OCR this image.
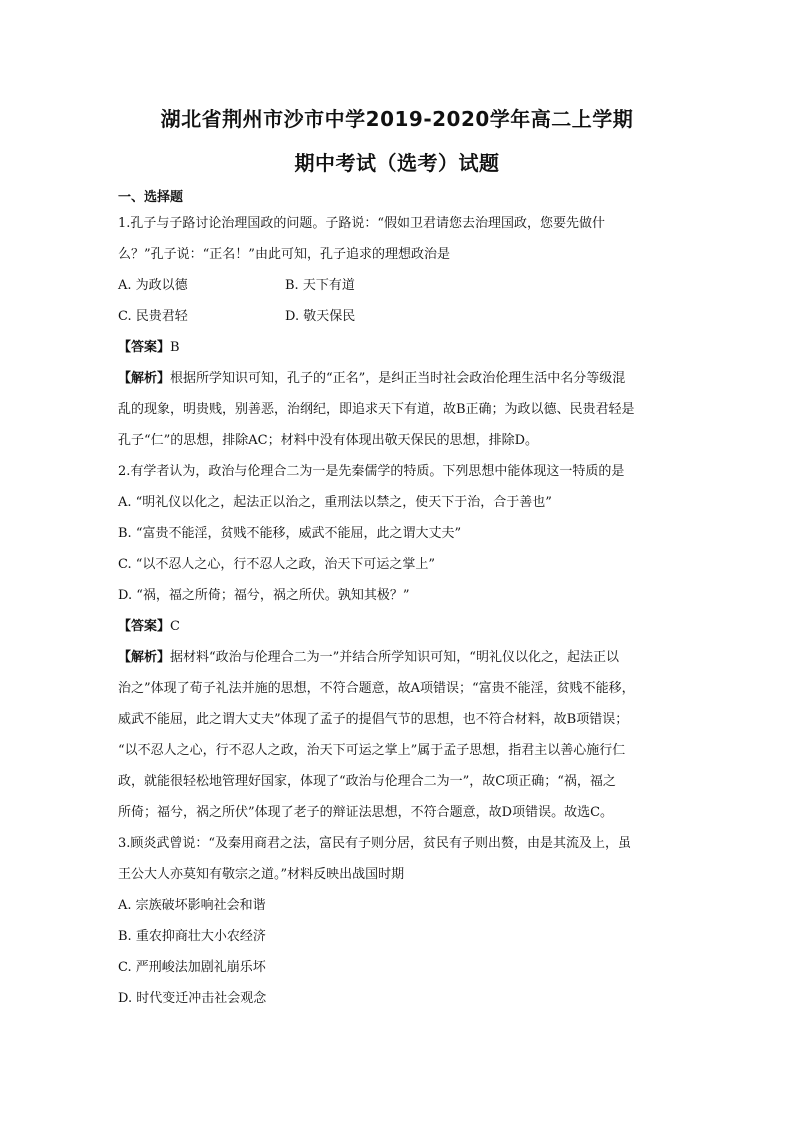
湖北省荆州市沙市中学2019-2020学年高二上学期
期中考试（选考）试题
一、选择题
1.孔子与子路讨论治理国政的问题。子路说：“假如卫君请您去治理国政，您要先做什
么？”孔子说：“正名！”由此可知，孔子追求的理想政治是
A. 为政以德	B. 天下有道
C. 民贵君轻	D. 敬天保民
【答案】B
【解析】根据所学知识可知，孔子的“正名”，是纠正当时社会政治伦理生活中名分等级混
乱的现象，明贵贱，别善恶，治纲纪，即追求天下有道，故B正确；为政以德、民贵君轻是
孔子“仁”的思想，排除AC；材料中没有体现出敬天保民的思想，排除D。
2.有学者认为，政治与伦理合二为一是先秦儒学的特质。下列思想中能体现这一特质的是
A. “明礼仪以化之，起法正以治之，重刑法以禁之，使天下于治，合于善也”
B. “富贵不能淫，贫贱不能移，威武不能屈，此之谓大丈夫”
C. “以不忍人之心，行不忍人之政，治天下可运之掌上”
D. “祸，福之所倚；福兮，祸之所伏。孰知其极？”
【答案】C
【解析】据材料“政治与伦理合二为一”并结合所学知识可知，“明礼仪以化之，起法正以
治之”体现了荀子礼法并施的思想，不符合题意，故A项错误；“富贵不能淫，贫贱不能移，
威武不能屈，此之谓大丈夫”体现了孟子的提倡气节的思想，也不符合材料，故B项错误；
“以不忍人之心，行不忍人之政，治天下可运之掌上”属于孟子思想，指君主以善心施行仁
政，就能很轻松地管理好国家，体现了“政治与伦理合二为一”，故C项正确；“祸，福之
所倚；福兮，祸之所伏”体现了老子的辩证法思想，不符合题意，故D项错误。故选C。
3.顾炎武曾说：“及秦用商君之法，富民有子则分居，贫民有子则出赘，由是其流及上，虽
王公大人亦莫知有敬宗之道。”材料反映出战国时期
A. 宗族破坏影响社会和谐
B. 重农抑商壮大小农经济
C. 严刑峻法加剧礼崩乐坏
D. 时代变迁冲击社会观念
